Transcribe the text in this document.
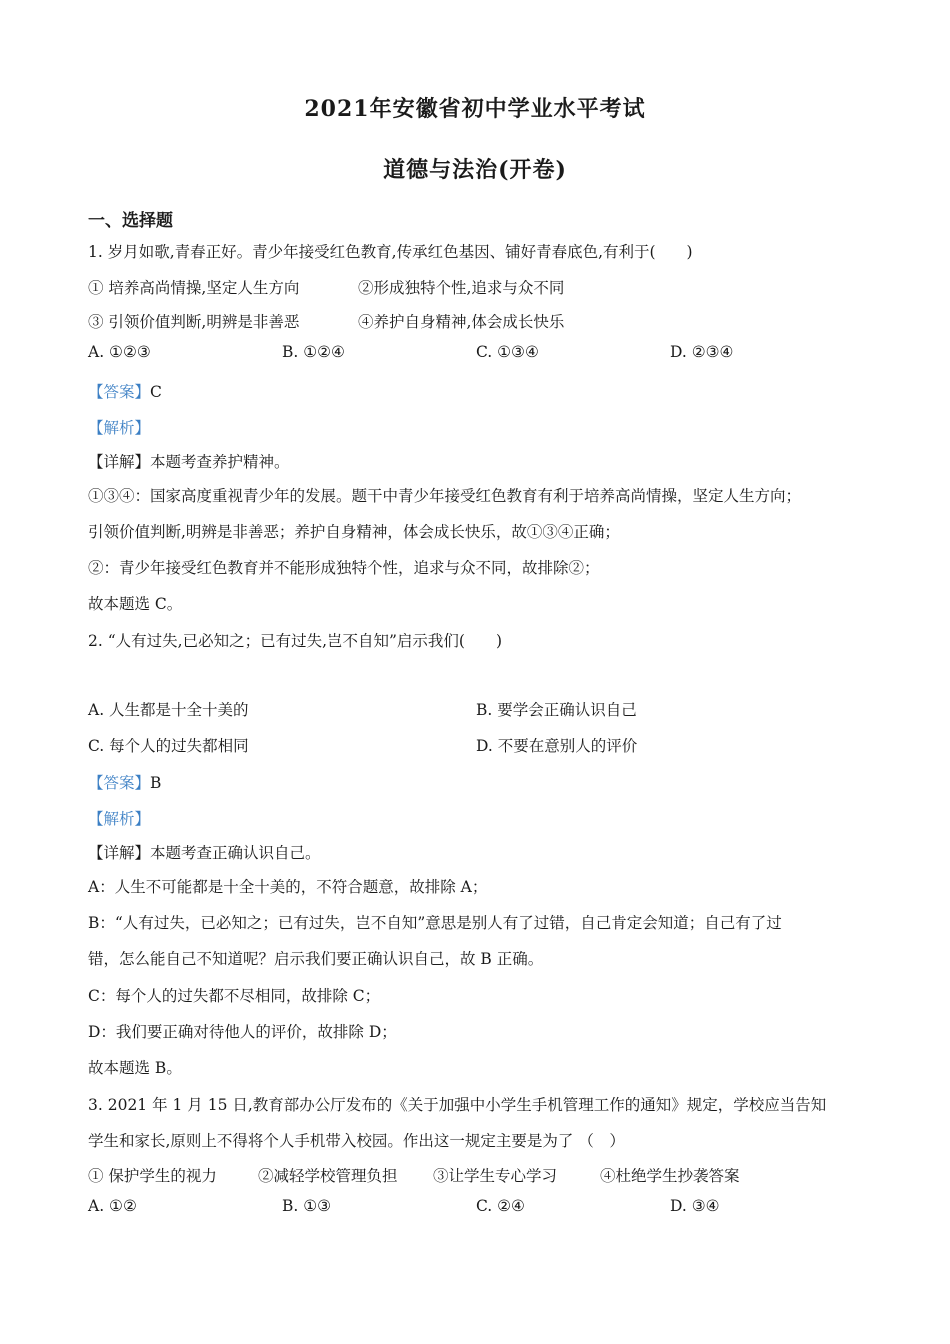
2021年安徽省初中学业水平考试
道德与法治(开卷)
一、选择题
1. 岁月如歌,青春正好。青少年接受红色教育,传承红色基因、铺好青春底色,有利于(　　)
① 培养高尚情操,坚定人生方向	②形成独特个性,追求与众不同
③ 引领价值判断,明辨是非善恶	④养护自身精神,体会成长快乐
A. ①②③	B. ①②④	C. ①③④	D. ②③④
【答案】C
【解析】
【详解】本题考查养护精神。
①③④：国家高度重视青少年的发展。题干中青少年接受红色教育有利于培养高尚情操，坚定人生方向；
引领价值判断,明辨是非善恶；养护自身精神，体会成长快乐，故①③④正确；
②：青少年接受红色教育并不能形成独特个性，追求与众不同，故排除②；
故本题选 C。
2. “人有过失,已必知之；已有过失,岂不自知”启示我们(　　)
A. 人生都是十全十美的	B. 要学会正确认识自己
C. 每个人的过失都相同	D. 不要在意别人的评价
【答案】B
【解析】
【详解】本题考查正确认识自己。
A：人生不可能都是十全十美的，不符合题意，故排除 A；
B：“人有过失，已必知之；已有过失，岂不自知”意思是别人有了过错，自己肯定会知道；自己有了过
错，怎么能自己不知道呢？启示我们要正确认识自己，故 B 正确。
C：每个人的过失都不尽相同，故排除 C；
D：我们要正确对待他人的评价，故排除 D；
故本题选 B。
3. 2021 年 1 月 15 日,教育部办公厅发布的《关于加强中小学生手机管理工作的通知》规定，学校应当告知
学生和家长,原则上不得将个人手机带入校园。作出这一规定主要是为了 （　）
① 保护学生的视力	②减轻学校管理负担 ③让学生专心学习	④杜绝学生抄袭答案
A. ①②	B. ①③	C. ②④	D. ③④
